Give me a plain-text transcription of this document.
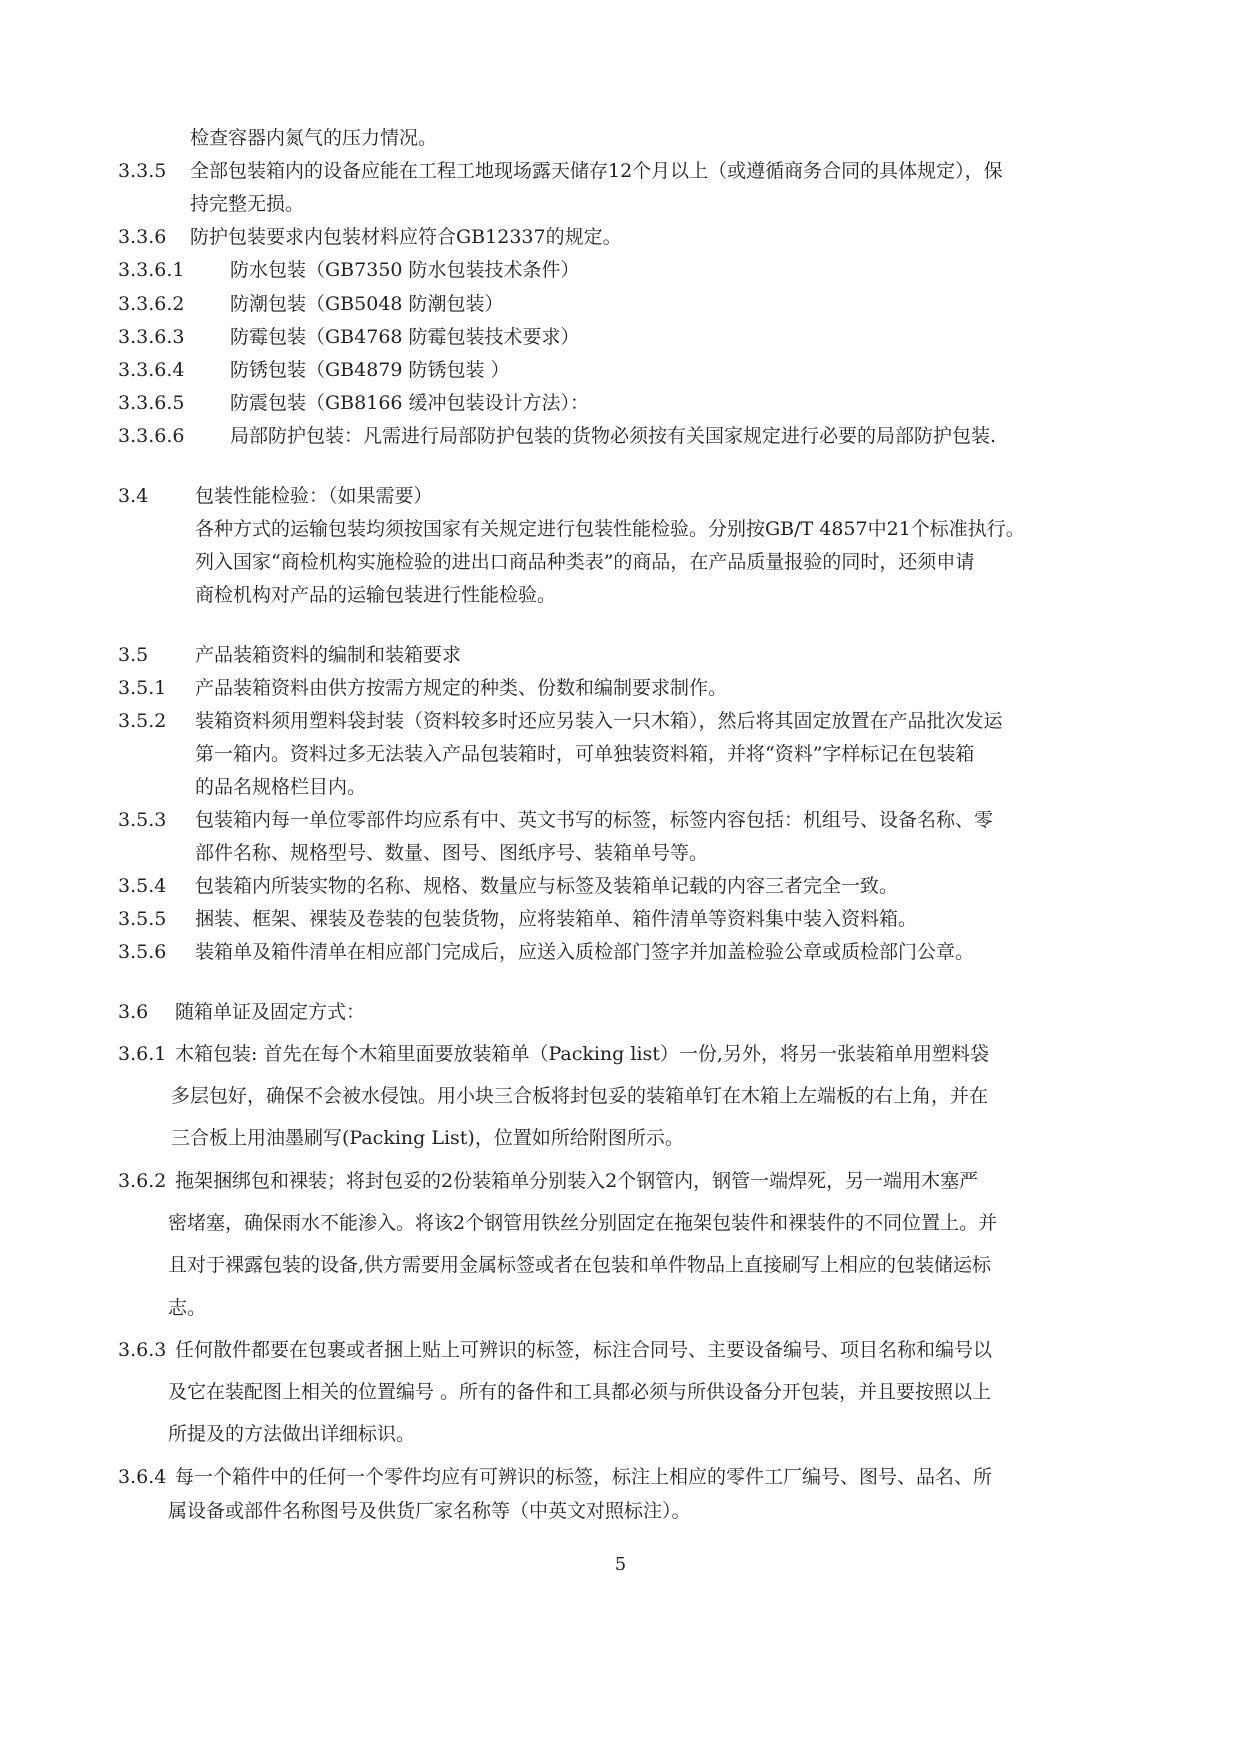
检查容器内氮气的压力情况。
3.3.5 全部包装箱内的设备应能在工程工地现场露天储存12个月以上（或遵循商务合同的具体规定），保
持完整无损。
3.3.6 防护包装要求内包装材料应符合GB12337的规定。
3.3.6.1 防水包装（GB7350 防水包装技术条件）
3.3.6.2 防潮包装（GB5048 防潮包装）
3.3.6.3 防霉包装（GB4768 防霉包装技术要求）
3.3.6.4 防锈包装（GB4879 防锈包装 ）
3.3.6.5 防震包装（GB8166 缓冲包装设计方法）：
3.3.6.6 局部防护包装：凡需进行局部防护包装的货物必须按有关国家规定进行必要的局部防护包装.
3.4 包装性能检验：（如果需要）
各种方式的运输包装均须按国家有关规定进行包装性能检验。分别按GB/T 4857中21个标准执行。
列入国家“商检机构实施检验的进出口商品种类表”的商品，在产品质量报验的同时，还须申请
商检机构对产品的运输包装进行性能检验。
3.5 产品装箱资料的编制和装箱要求
3.5.1 产品装箱资料由供方按需方规定的种类、份数和编制要求制作。
3.5.2 装箱资料须用塑料袋封装（资料较多时还应另装入一只木箱），然后将其固定放置在产品批次发运
第一箱内。资料过多无法装入产品包装箱时，可单独装资料箱，并将“资料”字样标记在包装箱
的品名规格栏目内。
3.5.3 包装箱内每一单位零部件均应系有中、英文书写的标签，标签内容包括：机组号、设备名称、零
部件名称、规格型号、数量、图号、图纸序号、装箱单号等。
3.5.4 包装箱内所装实物的名称、规格、数量应与标签及装箱单记载的内容三者完全一致。
3.5.5 捆装、框架、裸装及卷装的包装货物，应将装箱单、箱件清单等资料集中装入资料箱。
3.5.6 装箱单及箱件清单在相应部门完成后，应送入质检部门签字并加盖检验公章或质检部门公章。
3.6 随箱单证及固定方式：
3.6.1 木箱包装: 首先在每个木箱里面要放装箱单（Packing list）一份,另外，将另一张装箱单用塑料袋
多层包好，确保不会被水侵蚀。用小块三合板将封包妥的装箱单钉在木箱上左端板的右上角，并在
三合板上用油墨刷写(Packing List)，位置如所给附图所示。
3.6.2 拖架捆绑包和裸装；将封包妥的2份装箱单分别装入2个钢管内，钢管一端焊死，另一端用木塞严
密堵塞，确保雨水不能渗入。将该2个钢管用铁丝分别固定在拖架包装件和裸装件的不同位置上。并
且对于裸露包装的设备,供方需要用金属标签或者在包装和单件物品上直接刷写上相应的包装储运标
志。
3.6.3 任何散件都要在包裹或者捆上贴上可辨识的标签，标注合同号、主要设备编号、项目名称和编号以
及它在装配图上相关的位置编号 。所有的备件和工具都必须与所供设备分开包装，并且要按照以上
所提及的方法做出详细标识。
3.6.4 每一个箱件中的任何一个零件均应有可辨识的标签，标注上相应的零件工厂编号、图号、品名、所
属设备或部件名称图号及供货厂家名称等（中英文对照标注）。
5
